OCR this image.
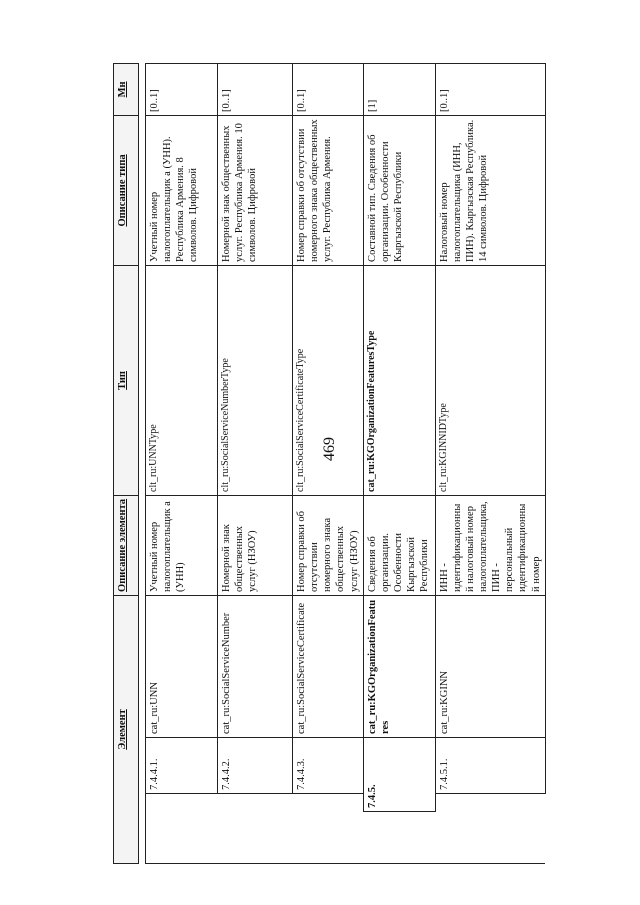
469
Элемент				Описание элемента	Тип	Описание типа	Мн

		7.4.4.1.	cat_ru:UNN	Учетный номер налогоплательщик а (УНН)	clt_ru:UNNType	Учетный номер налогоплательщик а (УНН). Республика Армения. 8 символов. Цифровой	[0..1]
		7.4.4.2.	cat_ru:SocialServiceNumber	Номерной знак общественных услуг (НЗОУ)	clt_ru:SocialServiceNumberType	Номерной знак общественных услуг. Республика Армения. 10 символов. Цифровой	[0..1]
		7.4.4.3.	cat_ru:SocialServiceCertificate	Номер справки об отсутствии номерного знака общественных услуг (НЗОУ)	clt_ru:SocialServiceCertificateType	Номер справки об отсутствии номерного знака общественных услуг. Республика Армения.	[0..1]
	7.4.5.		cat_ru:KGOrganizationFeatures	Сведения об организации. Особенности Кыргызской Республики	cat_ru:KGOrganizationFeaturesType	Составной тип. Сведения об организации. Особенности Кыргызской Республики	[1]
		7.4.5.1.	cat_ru:KGINN	ИНН - идентификационный налоговый номер налогоплательщика, ПИН - персональный идентификационный номер	clt_ru:KGINNIDType	Налоговый номер налогоплательщика (ИНН, ПИН). Кыргызская Республика. 14 символов. Цифровой	[0..1]
